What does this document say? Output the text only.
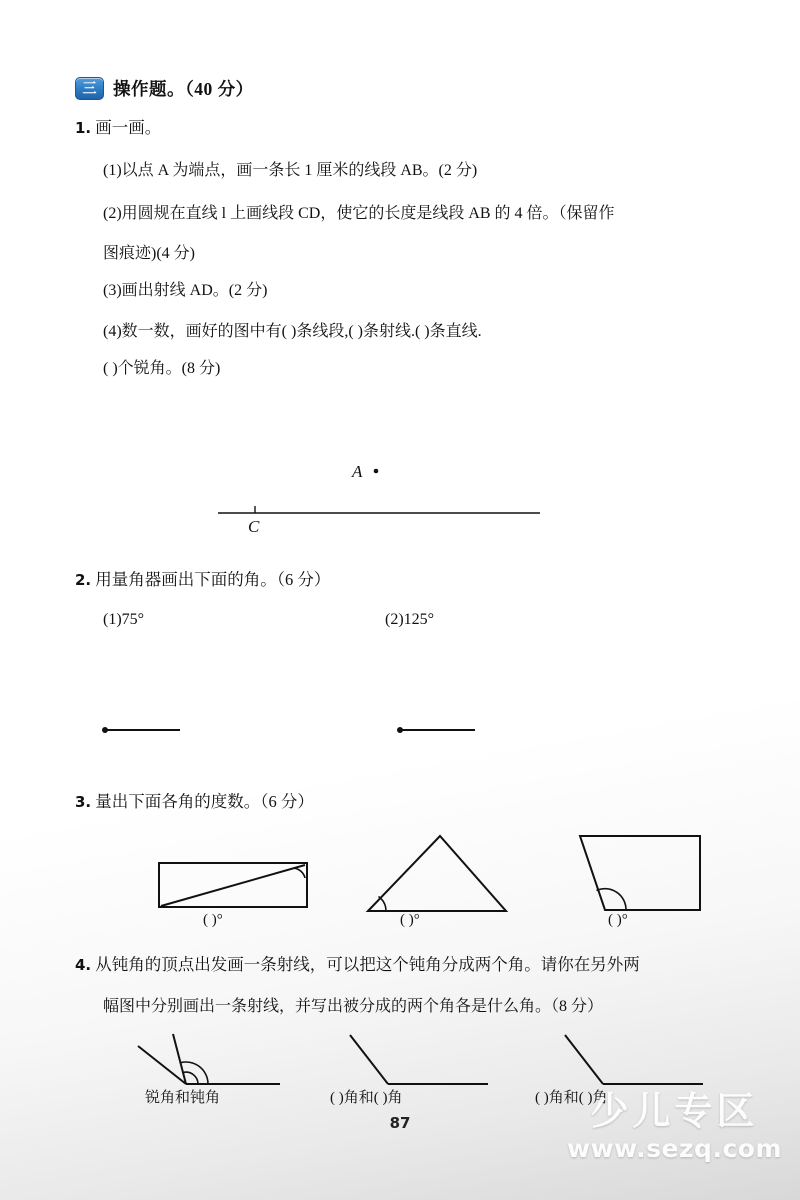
三 操作题。（40 分）
1. 画一画。
(1)以点 A 为端点，画一条长 1 厘米的线段 AB。(2 分)
(2)用圆规在直线 l 上画线段 CD，使它的长度是线段 AB 的 4 倍。（保留作
图痕迹)(4 分)
(3)画出射线 AD。(2 分)
(4)数一数，画好的图中有( )条线段,( )条射线.( )条直线.
( )个锐角。(8 分)
A
C
2. 用量角器画出下面的角。（6 分）
(1)75°	(2)125°
3. 量出下面各角的度数。（6 分）
( )°	( )°	( )°
4. 从钝角的顶点出发画一条射线，可以把这个钝角分成两个角。请你在另外两
幅图中分别画出一条射线，并写出被分成的两个角各是什么角。（8 分）
锐角和钝角	( )角和( )角	( )角和( )角
87	少儿专区
www.sezq.com
